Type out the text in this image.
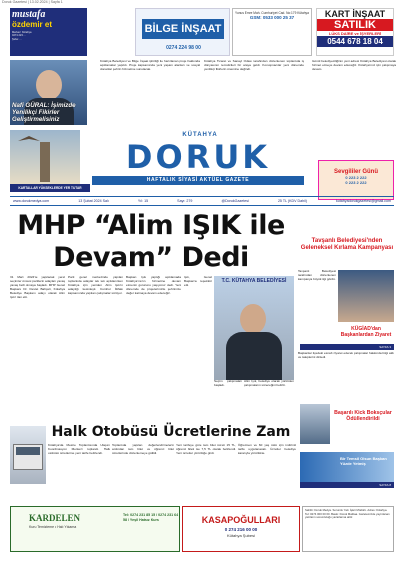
Doruk Gazetesi | 13.02.2024 | Sayfa 1
mustafa
özdemir et
Merkez: Kütahya
0274 223 ...
Şube: ...
BİLGE İNŞAAT
0274 224 98 00
Yunus Emre Mah. Cumhuriyet Cad. No:179 Kütahya
GSM: 0533 000 25 37	KART İNŞAAT
SATILIK
LÜKS DAİRE ve İŞYERLERİ
0544 678 18 04
Nafi GÜRAL: İşimizde Yenilikçi Fikirler Geliştirmelisiniz
Kütahya Belediyesi ve Bilge İnşaat işbirliği ile hazırlanan proje hakkında açıklamalar yapıldı. Proje kapsamında yeni yaşam alanları ve sosyal donatılar şehrin hizmetine sunulacak.
Kütahya Ticaret ve Sanayi Odası tarafından düzenlenen toplantıda iş dünyasının temsilcileri bir araya geldi. Konuşmacılar yeni dönemde yenilikçi fikirlerin önemine değindi.
Gönül belediyeciliğinin yeni adresi Kütahya Belediyesi olarak hizmet etmeye devam edeceğiz. Kütahya'mız için çalışmaya devam.
KARTALLAR YÜKSEKLERDE YER TUTAR
KÜTAHYA
DORUK
HAFTALIK SİYASİ AKTÜEL GAZETE
Sevgililer Günü
0 223 2 222
0 223 2 222
www.dorukmedya.com	13 Şubat 2024 Salı	Yıl: 15	Sayı: 279	@DorukGazetesi	25 TL (KDV Dahil)	kutahyadorukgazetesi@gmail.com
MHP “Alim IŞIK ile Devam” Dedi
31 Mart 2024'te yapılacak yerel seçimler öncesi partilerin adayları yavaş yavaş belli olmaya başladı. MHP Genel Başkanı Dr. Devlet Bahçeli, Kütahya Belediye Başkanı adayı olarak Alim Işık'ı ilan etti.
Parti genel merkezinde yapılan toplantıda adaylar tek tek açıklanırken Kütahya için yeniden Alim Işık'ın adaylığı kesinleşti. Cumhur İttifakı kapsamında yapılan çalışmalar sürüyor.
Başkan Işık yaptığı açıklamada Kütahya'mızın hizmetine devam etmenin gururunu yaşıyoruz dedi. Yeni dönemde de projelerimizle şehrimize değer katmaya devam edeceğiz.
Işık, Genel Başkan'a teşekkür etti.
T.C. KÜTAHYA BELEDİYESİ
Alim Işık, belediye olarak yürütülen çalışmaların süreceğini belirtti.
Seçim çalışmaları başladı.
Tavşanlı Belediyesi'nden Geleneksel Kırlama Kampanyası
Tavşanlı Belediyesi tarafından düzenlenen kampanya büyük ilgi gördü.
KÜGİAD'dan Başkanlardan Ziyaret
SAYFA 3
Başkanlar ilçedeki esnafı ziyaret ederek çalışmalar hakkında bilgi aldı ve taleplerini dinledi.
Başarılı Kick Boksçular Ödüllendirildi
Bir Temsil Olsun Başkan Yüzde Yetmiş
SAYFA 8
Halk Otobüsü Ücretlerine Zam
Kütahya'da Mesire Toplantısında Ulaşım Koordinasyon Merkezi toplandı. Halk otobüsü ücretlerine yeni tarife belirlendi.
Toplantıda yapılan değerlendirmelerin ardından tam bilet ve öğrenci bilet ücretlerinde düzenlemeye gidildi.
Yeni tarifeye göre tam bilet ücreti 15 TL, öğrenci bileti ise 7,5 TL olarak belirlendi. Yeni ücretler yürürlüğe girdi.
Öğretmen ve 60 yaş üstü için indirimli tarife uygulanacak. Ücretler belediye kararıyla yürürlükte.
KARDELEN
Kuru Temizleme • Halı Yıkama
Tel: 0274 231 85 15 / 0274 231 64 58 / Yeşil Hatsız Kurs	KASAPOĞULLARI
0 274 216 00 00
Kütahya Şubesi
Sahibi: Doruk Medya. Sorumlu Yazı İşleri Müdürü. Adres: Kütahya. Tel: 0274 000 00 00. Baskı: Doruk Matbaa. Gazetemizde yayınlanan yazıların sorumluluğu yazarlarına aittir.
